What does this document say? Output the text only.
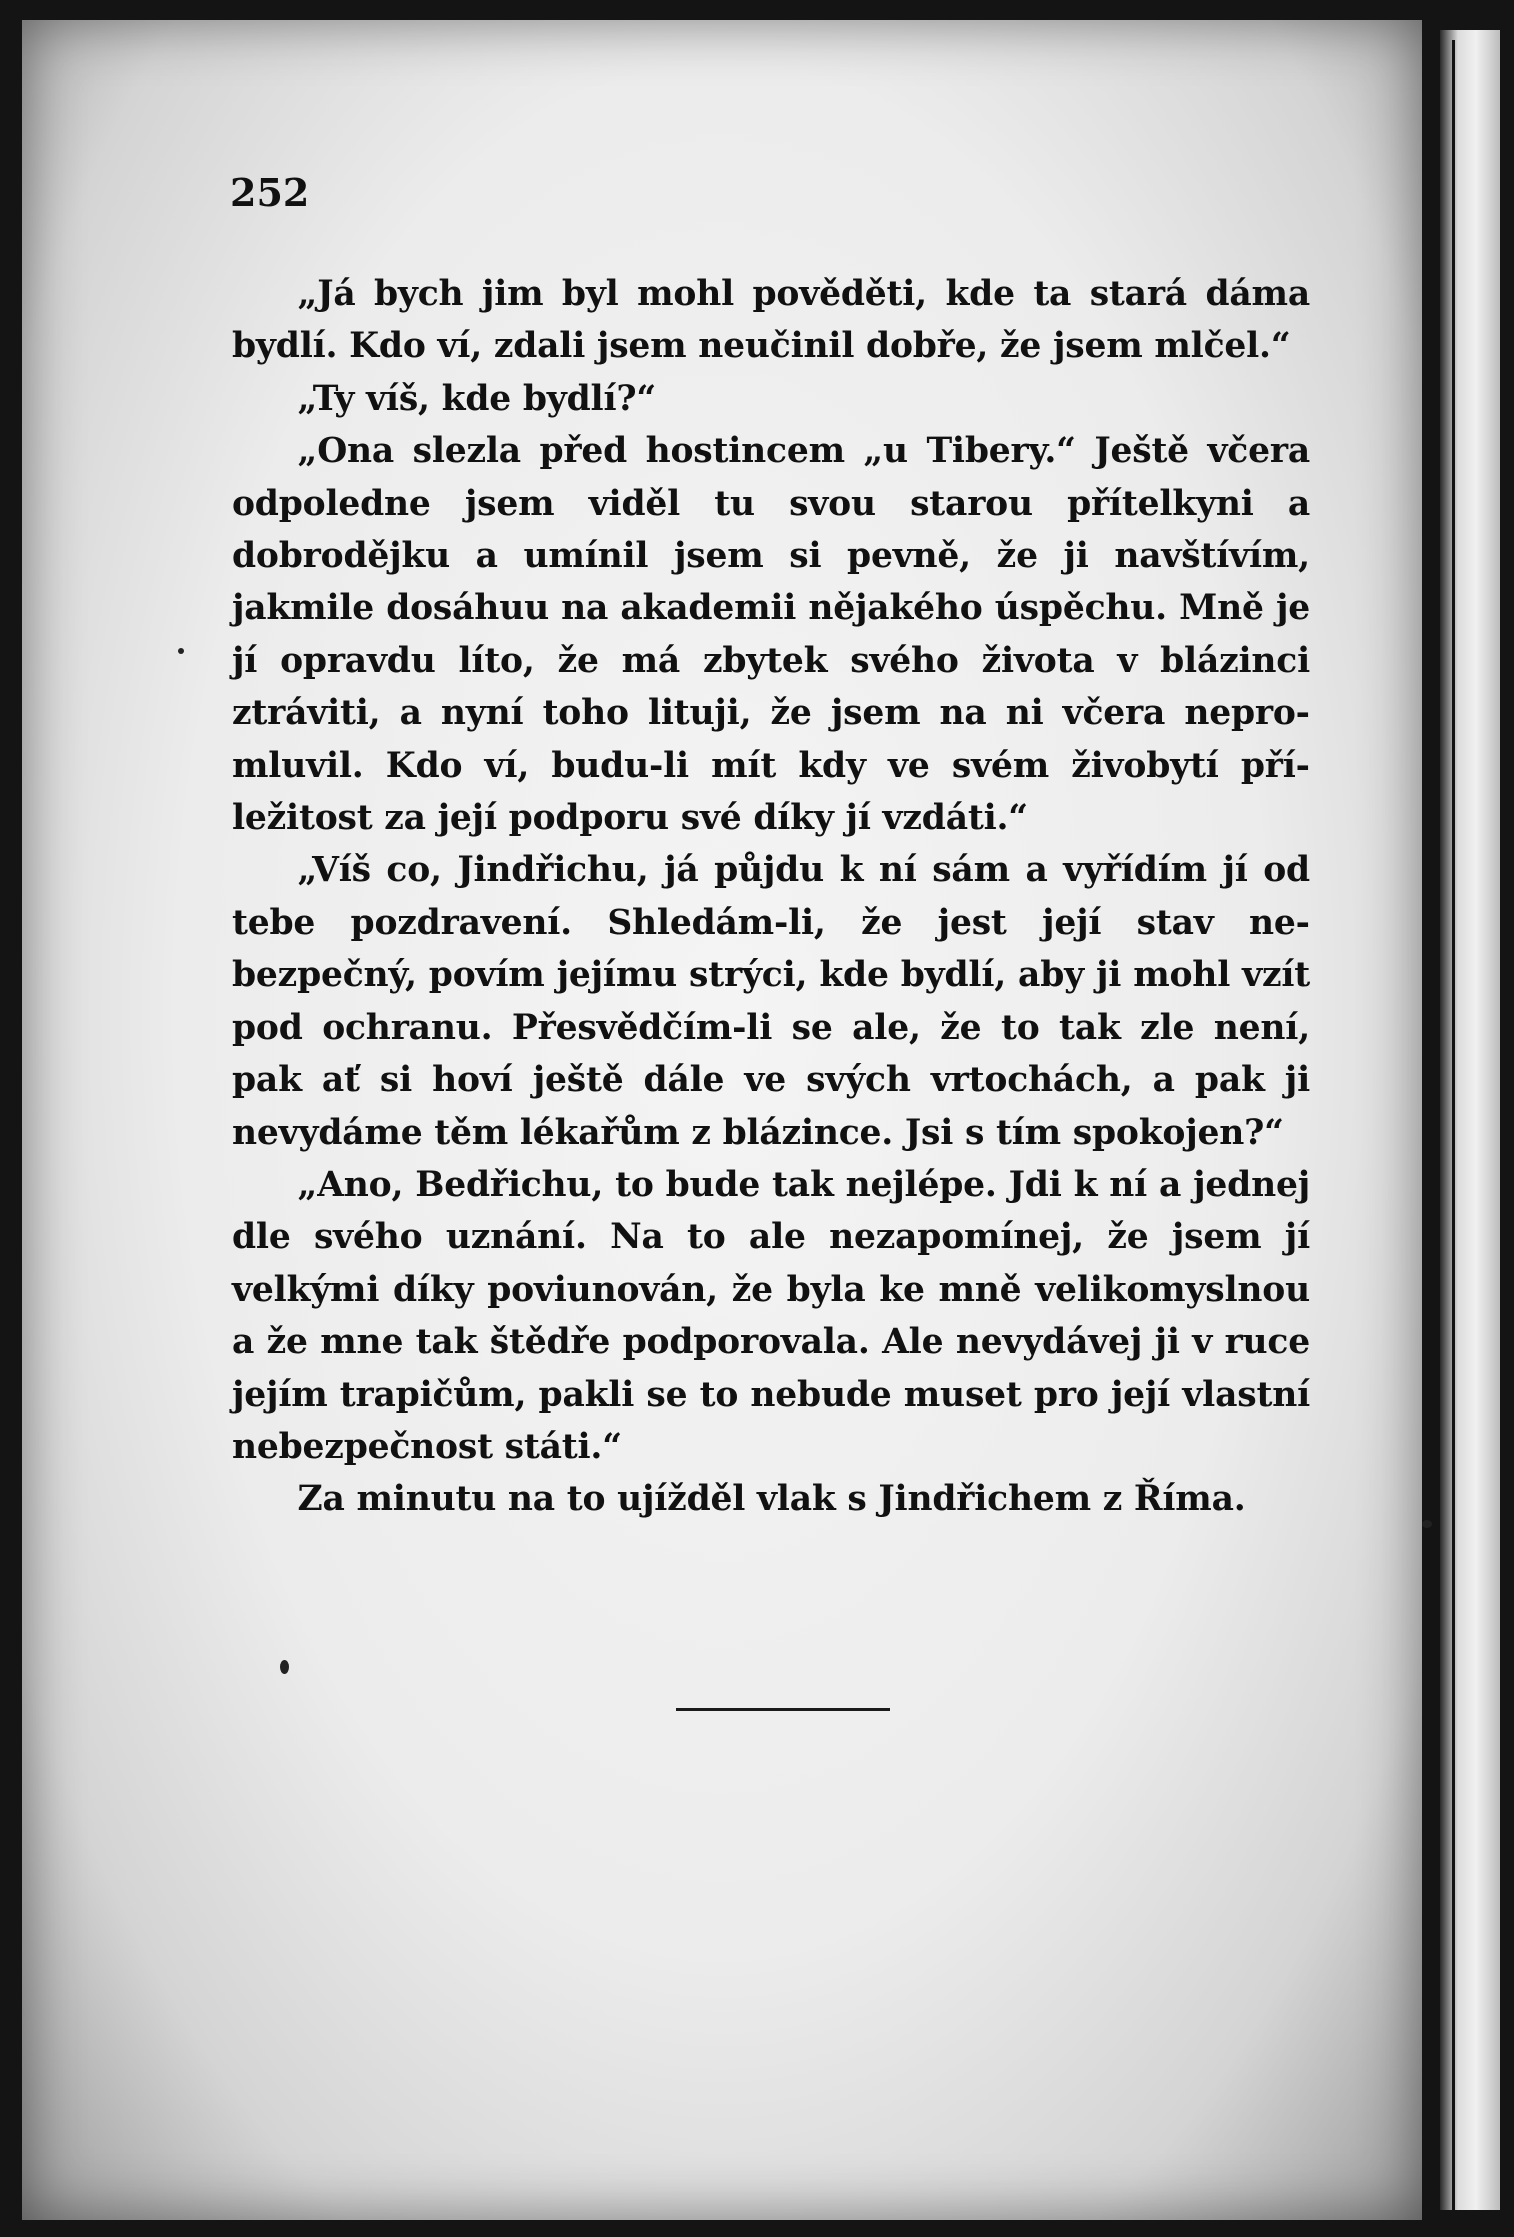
252

„Já bych jim byl mohl pověděti, kde ta stará dáma bydlí. Kdo ví, zdali jsem neučinil dobře, že jsem mlčel.“

„Ty víš, kde bydlí?“

„Ona slezla před hostincem „u Tibery.“ Ještě včera odpoledne jsem viděl tu svou starou přítelkyni a dobrodějku a umínil jsem si pevně, že ji navštívím, jakmile dosáhuu na akademii nějakého úspěchu. Mně je jí opravdu líto, že má zbytek svého života v blázinci ztráviti, a nyní toho lituji, že jsem na ni včera nepromluvil. Kdo ví, budu-li mít kdy ve svém živobytí příležitost za její podporu své díky jí vzdáti.“

„Víš co, Jindřichu, já půjdu k ní sám a vyřídím jí od tebe pozdravení. Shledám-li, že jest její stav nebezpečný, povím jejímu strýci, kde bydlí, aby ji mohl vzít pod ochranu. Přesvědčím-li se ale, že to tak zle není, pak ať si hoví ještě dále ve svých vrtochách, a pak ji nevydáme těm lékařům z blázince. Jsi s tím spokojen?“

„Ano, Bedřichu, to bude tak nejlépe. Jdi k ní a jednej dle svého uznání. Na to ale nezapomínej, že jsem jí velkými díky poviunován, že byla ke mně velikomyslnou a že mne tak štědře podporovala. Ale nevydávej ji v ruce jejím trapičům, pakli se to nebude muset pro její vlastní nebezpečnost státi.“

Za minutu na to ujížděl vlak s Jindřichem z Říma.
